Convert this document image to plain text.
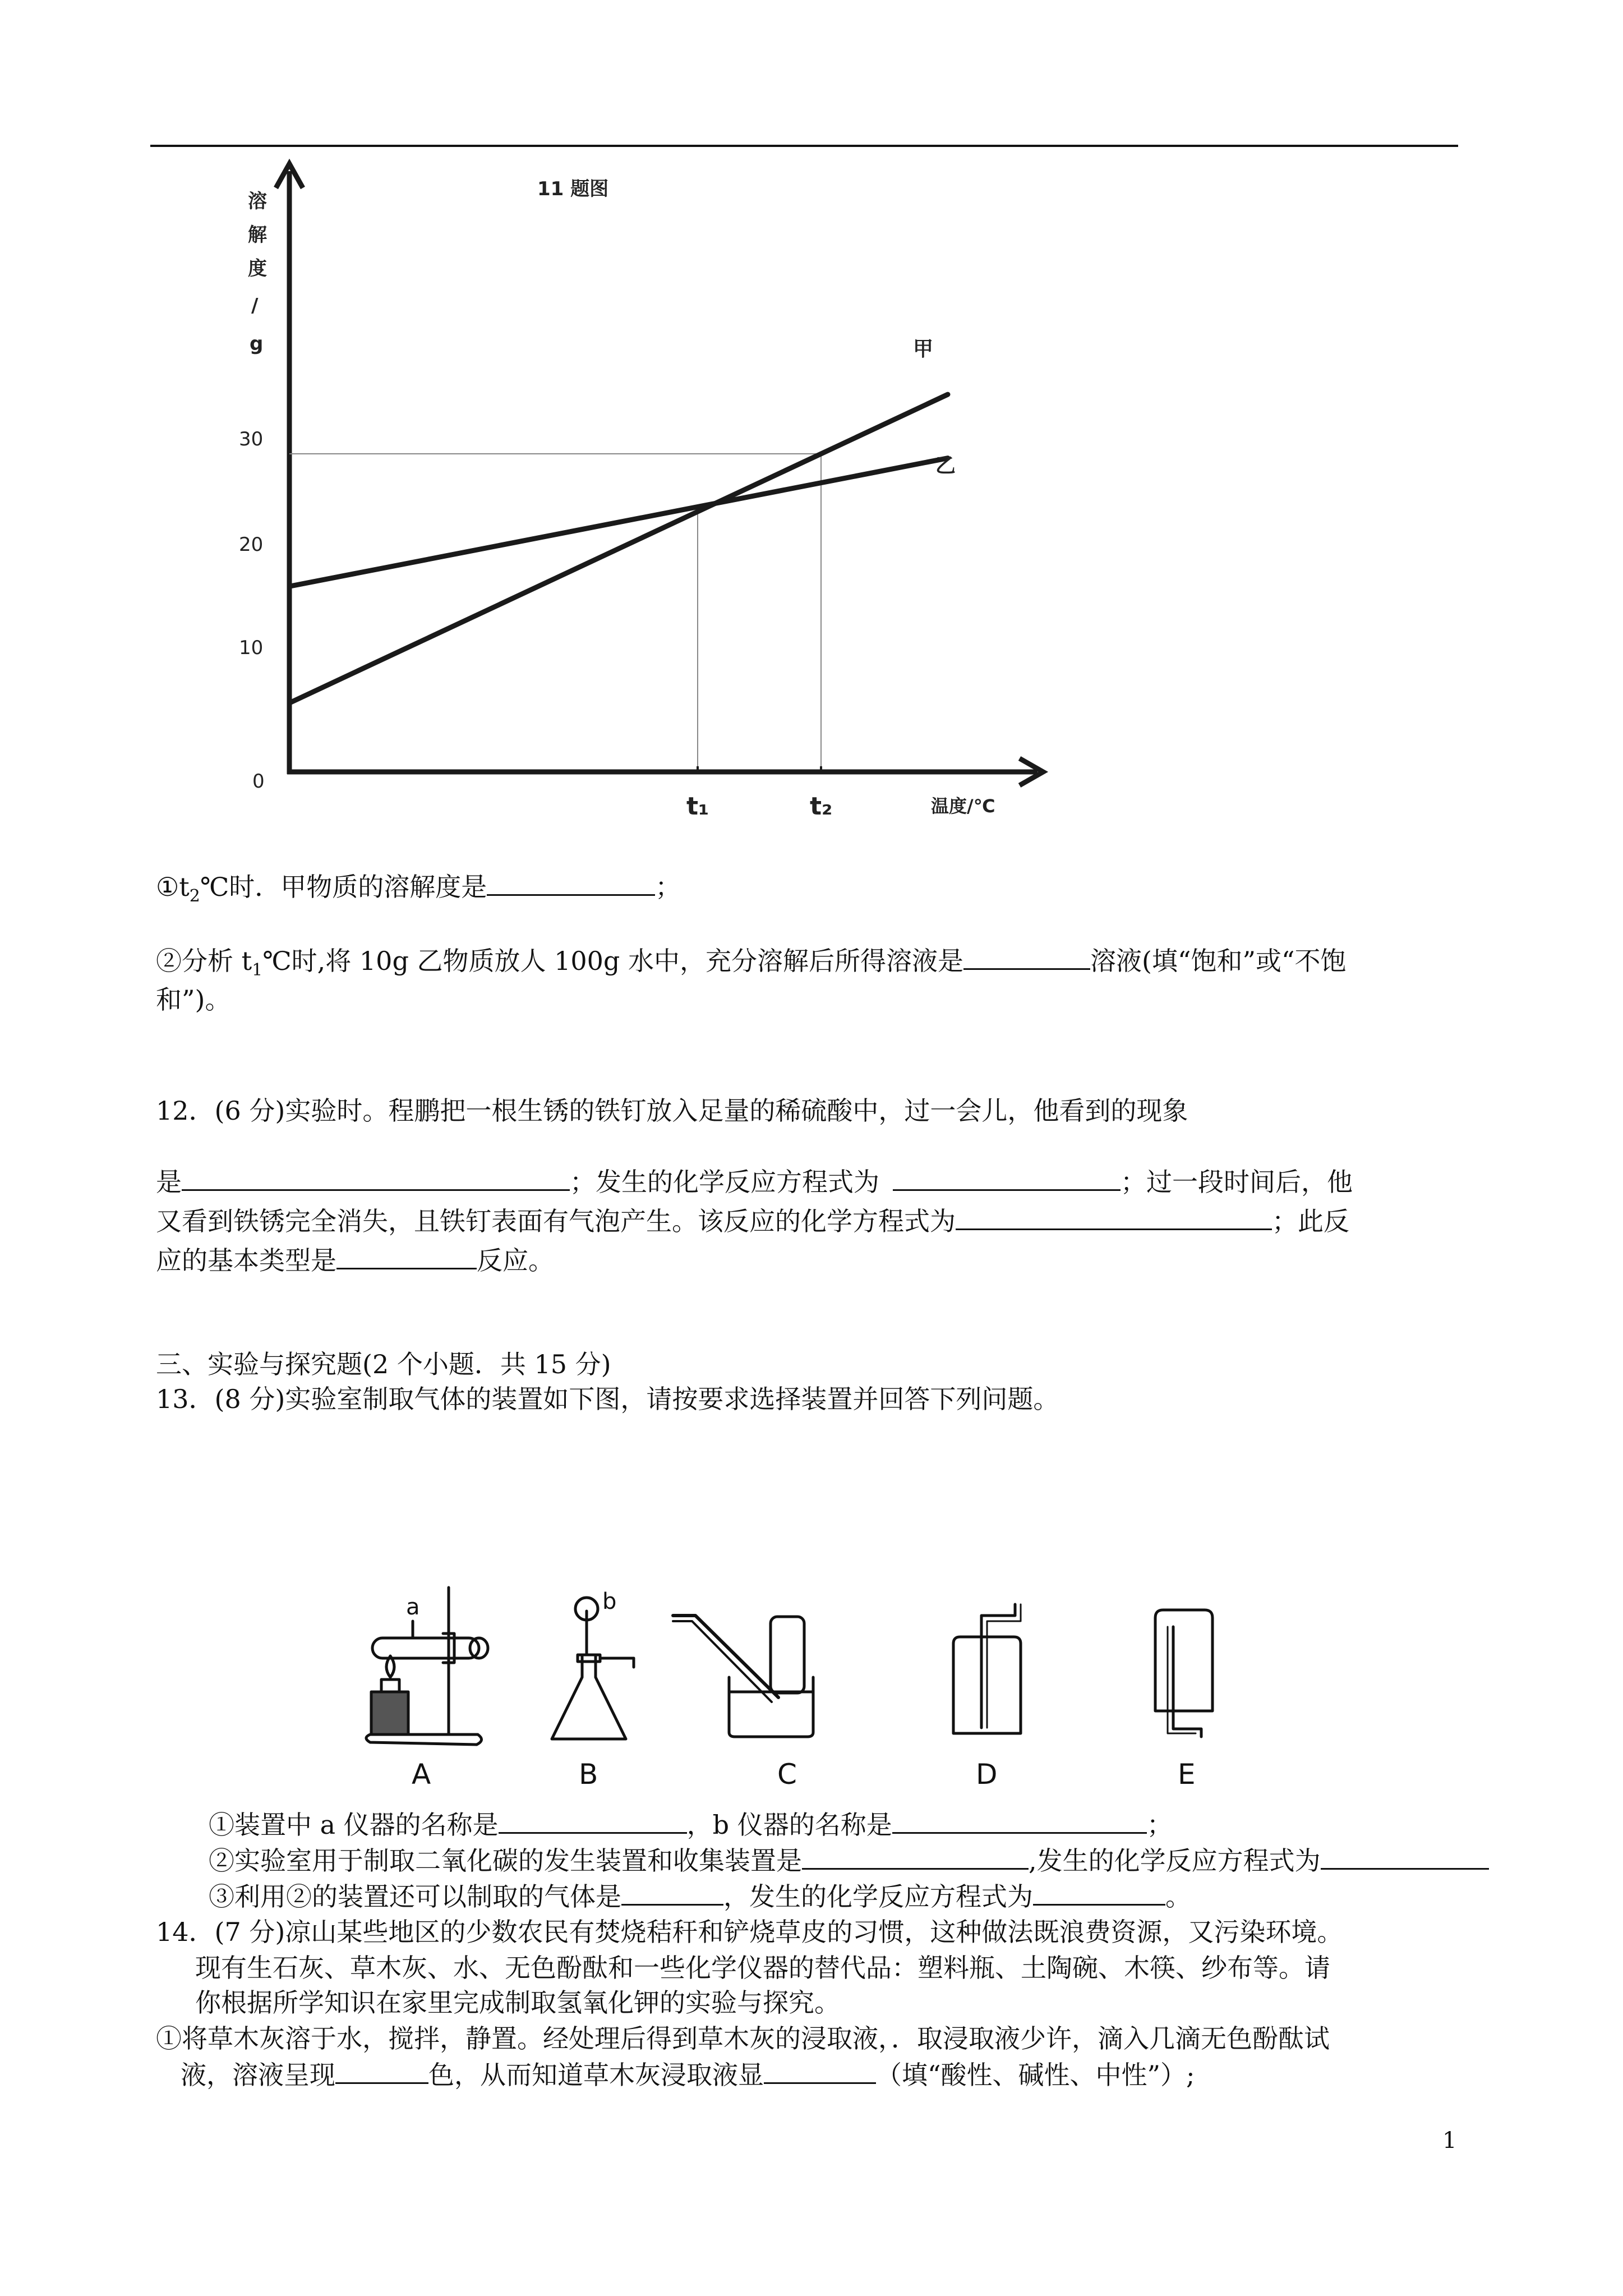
11 题图
溶
解
度
/
g
30
20
10
0
t₁	t₂	温度/℃
甲
乙
$①t_2℃$时．甲物质的溶解度是	；
②分析 $t_1℃$时,将 10g 乙物质放人 100g 水中，充分溶解后所得溶液是	溶液(填“饱和”或“不饱
和”)。
12．(6 分)实验时。程鹏把一根生锈的铁钉放入足量的稀硫酸中，过一会儿，他看到的现象
是	；发生的化学反应方程式为	；过一段时间后，他
又看到铁锈完全消失，且铁钉表面有气泡产生。该反应的化学方程式为	；此反
应的基本类型是	反应。
三、实验与探究题(2 个小题．共 15 分)
13．(8 分)实验室制取气体的装置如下图，请按要求选择装置并回答下列问题。
a
A
b
B	C	D	E
①装置中 a 仪器的名称是	，b 仪器的名称是	；
②实验室用于制取二氧化碳的发生装置和收集装置是	,发生的化学反应方程式为
③利用②的装置还可以制取的气体是	，发生的化学反应方程式为	。
14．(7 分)凉山某些地区的少数农民有焚烧秸秆和铲烧草皮的习惯，这种做法既浪费资源，又污染环境。
现有生石灰、草木灰、水、无色酚酞和一些化学仪器的替代品：塑料瓶、土陶碗、木筷、纱布等。请
你根据所学知识在家里完成制取氢氧化钾的实验与探究。
①将草木灰溶于水，搅拌，静置。经处理后得到草木灰的浸取液，．取浸取液少许，滴入几滴无色酚酞试
液，溶液呈现	色，从而知道草木灰浸取液显	（填“酸性、碱性、中性”）;
1
